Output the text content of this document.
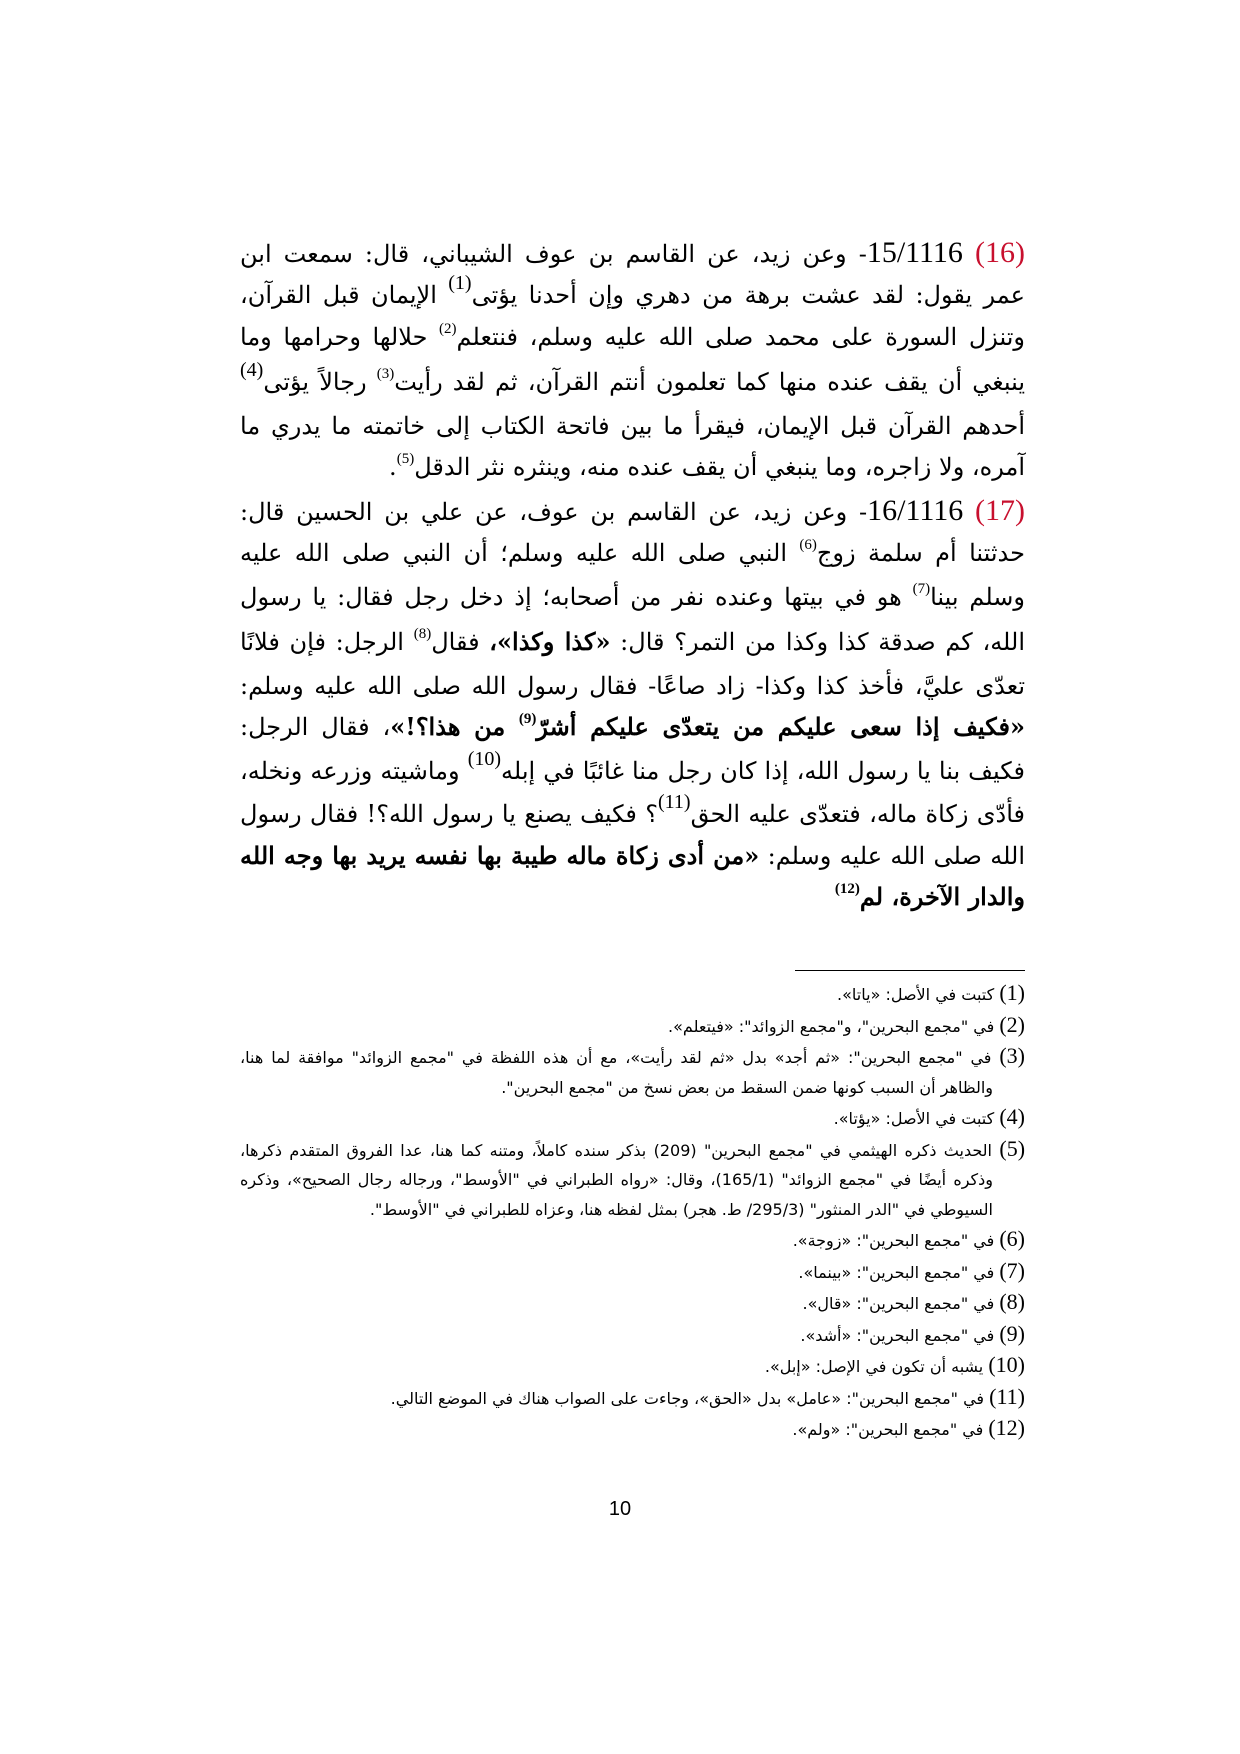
(16) 15/1116- وعن زيد، عن القاسم بن عوف الشيباني، قال: سمعت ابن عمر يقول: لقد عشت برهة من دهري وإن أحدنا يؤتى$^{(1)}$ الإيمان قبل القرآن، وتنزل السورة على محمد صلى الله عليه وسلم، فنتعلم$^{(2)}$ حلالها وحرامها وما ينبغي أن يقف عنده منها كما تعلمون أنتم القرآن، ثم لقد رأيت$^{(3)}$ رجالاً يؤتى$^{(4)}$ أحدهم القرآن قبل الإيمان، فيقرأ ما بين فاتحة الكتاب إلى خاتمته ما يدري ما آمره، ولا زاجره، وما ينبغي أن يقف عنده منه، وينثره نثر الدقل$^{(5)}$.

(17) 16/1116- وعن زيد، عن القاسم بن عوف، عن علي بن الحسين قال: حدثتنا أم سلمة زوج$^{(6)}$ النبي صلى الله عليه وسلم؛ أن النبي صلى الله عليه وسلم بينا$^{(7)}$ هو في بيتها وعنده نفر من أصحابه؛ إذ دخل رجل فقال: يا رسول الله، كم صدقة كذا وكذا من التمر؟ قال: «كذا وكذا»، فقال$^{(8)}$ الرجل: فإن فلانًا تعدّى عليَّ، فأخذ كذا وكذا- زاد صاعًا- فقال رسول الله صلى الله عليه وسلم: «فكيف إذا سعى عليكم من يتعدّى عليكم أشرّ$^{(9)}$ من هذا؟!»، فقال الرجل: فكيف بنا يا رسول الله، إذا كان رجل منا غائبًا في إبله$^{(10)}$ وماشيته وزرعه ونخله، فأدّى زكاة ماله، فتعدّى عليه الحق$^{(11)}$؟ فكيف يصنع يا رسول الله؟! فقال رسول الله صلى الله عليه وسلم: «من أدى زكاة ماله طيبة بها نفسه يريد بها وجه الله والدار الآخرة، لم$^{(12)}$

(1) كتبت في الأصل: «ياتا».

(2) في "مجمع البحرين"، و"مجمع الزوائد": «فيتعلم».

(3) في "مجمع البحرين": «ثم أجد» بدل «ثم لقد رأيت»، مع أن هذه اللفظة في "مجمع الزوائد" موافقة لما هنا، والظاهر أن السبب كونها ضمن السقط من بعض نسخ من "مجمع البحرين".

(4) كتبت في الأصل: «يؤتا».

(5) الحديث ذكره الهيثمي في "مجمع البحرين" (209) بذكر سنده كاملاً، ومتنه كما هنا، عدا الفروق المتقدم ذكرها، وذكره أيضًا في "مجمع الزوائد" (165/1)، وقال: «رواه الطبراني في "الأوسط"، ورجاله رجال الصحيح»، وذكره السيوطي في "الدر المنثور" (295/3/ ط. هجر) بمثل لفظه هنا، وعزاه للطبراني في "الأوسط".

(6) في "مجمع البحرين": «زوجة».

(7) في "مجمع البحرين": «بينما».

(8) في "مجمع البحرين": «قال».

(9) في "مجمع البحرين": «أشد».

(10) يشبه أن تكون في الإصل: «إبل».

(11) في "مجمع البحرين": «عامل» بدل «الحق»، وجاءت على الصواب هناك في الموضع التالي.

(12) في "مجمع البحرين": «ولم».

10
